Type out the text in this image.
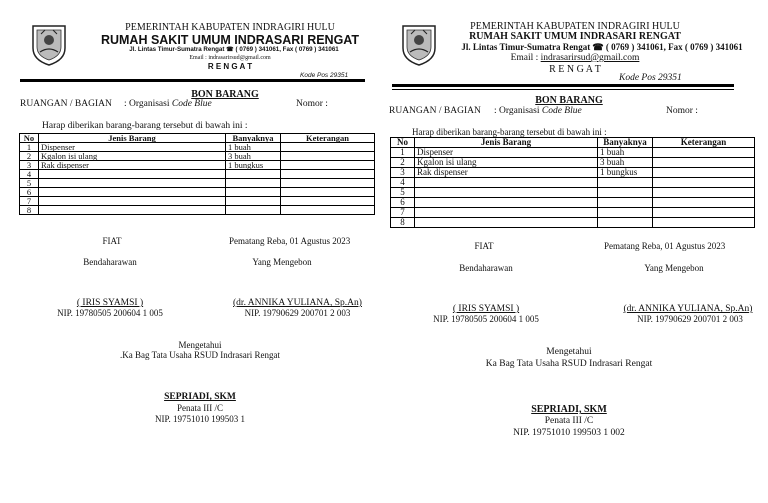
PEMERINTAH KABUPATEN INDRAGIRI HULU
RUMAH SAKIT UMUM INDRASARI RENGAT
Jl. Lintas Timur-Sumatra Rengat ☎ ( 0769 ) 341061, Fax ( 0769 ) 341061
Email : indrasarirsud@gmail.com
R E N G A T
Kode Pos 29351
BON BARANG
RUANGAN / BAGIAN : Organisasi Code Blue	Nomor :
Harap diberikan barang-barang tersebut di bawah ini :
No	Jenis Barang	Banyaknya	Keterangan
1	Dispenser	1 buah	
2	Kgalon isi ulang	3 buah	
3	Rak dispenser	1 bungkus	
4			
5			
6			
7			
8			
FIAT	Pematang Reba, 01 Agustus 2023
Bendaharawan	Yang Mengebon
( IRIS SYAMSI )
NIP. 19780505 200604 1 005
(dr. ANNIKA YULIANA, Sp.An)
NIP. 19790629 200701 2 003
Mengetahui
.Ka Bag Tata Usaha RSUD Indrasari Rengat
SEPRIADI, SKM
Penata III /C
NIP. 19751010 199503 1
PEMERINTAH KABUPATEN INDRAGIRI HULU
RUMAH SAKIT UMUM INDRASARI RENGAT
Jl. Lintas Timur-Sumatra Rengat ☎ ( 0769 ) 341061, Fax ( 0769 ) 341061
Email : indrasarirsud@gmail.com
R E N G A T
Kode Pos 29351
BON BARANG
RUANGAN / BAGIAN : Organisasi Code Blue	Nomor :
Harap diberikan barang-barang tersebut di bawah ini :
No	Jenis Barang	Banyaknya	Keterangan
1	Dispenser	1 buah	
2	Kgalon isi ulang	3 buah	
3	Rak dispenser	1 bungkus	
4			
5			
6			
7			
8			
FIAT	Pematang Reba, 01 Agustus 2023
Bendaharawan	Yang Mengebon
( IRIS SYAMSI )
NIP. 19780505 200604 1 005
(dr. ANNIKA YULIANA, Sp.An)
NIP. 19790629 200701 2 003
Mengetahui
Ka Bag Tata Usaha RSUD Indrasari Rengat
SEPRIADI, SKM
Penata III /C
NIP. 19751010 199503 1 002
